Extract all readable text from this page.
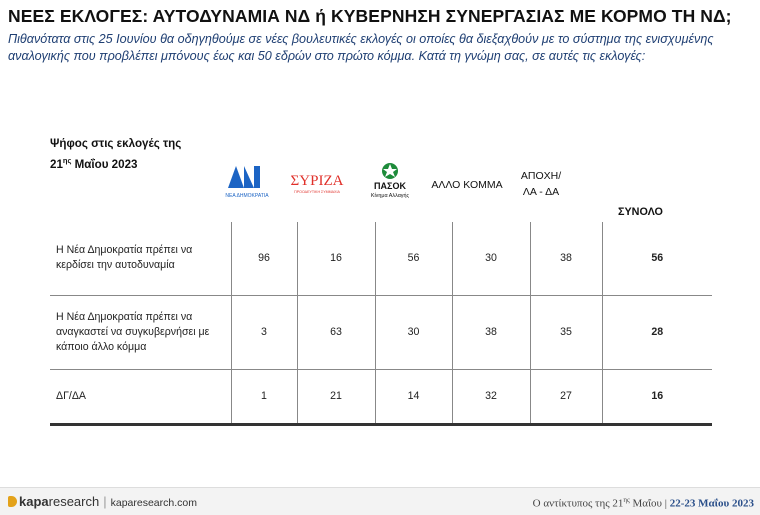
ΝΕΕΣ ΕΚΛΟΓΕΣ: ΑΥΤΟΔΥΝΑΜΙΑ ΝΔ ή ΚΥΒΕΡΝΗΣΗ ΣΥΝΕΡΓΑΣΙΑΣ ΜΕ ΚΟΡΜΟ ΤΗ ΝΔ;
Πιθανότατα στις 25 Ιουνίου θα οδηγηθούμε σε νέες βουλευτικές εκλογές οι οποίες θα διεξαχθούν με το σύστημα της ενισχυμένης αναλογικής που προβλέπει μπόνους έως και 50 εδρών στο πρώτο κόμμα. Κατά τη γνώμη σας, σε αυτές τις εκλογές:
Ψήφος στις εκλογές της
$21^{\eta\varsigma}$ Μαΐου 2023
ΝΕΑ ΔΗΜΟΚΡΑΤΙΑ
ΣΥΡΙΖΑ
ΠΡΟΟΔΕΥΤΙΚΗ ΣΥΜΜΑΧΙΑ
ΠΑΣΟΚ
Κίνημα Αλλαγής
ΑΛΛΟ ΚΟΜΜΑ
ΑΠΟΧΗ/
ΛΑ - ΔΑ
ΣΥΝΟΛΟ
Η Νέα Δημοκρατία πρέπει να κερδίσει την αυτοδυναμία	96	16	56	30	38	56
Η Νέα Δημοκρατία πρέπει να αναγκαστεί να συγκυβερνήσει με κάποιο άλλο κόμμα	3	63	30	38	35	28
ΔΓ/ΔΑ	1	21	14	32	27	16
kaparesearch | kaparesearch.com	Ο αντίκτυπος της $21^{\eta\varsigma}$ Μαΐου | 22-23 Μαΐου 2023
